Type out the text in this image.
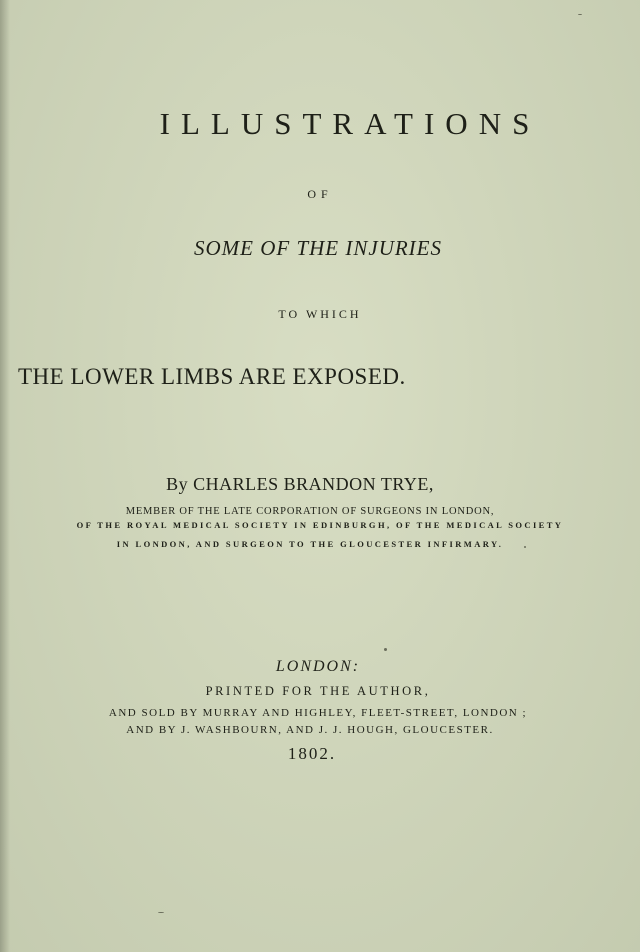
ILLUSTRATIONS
OF
SOME OF THE INJURIES
TO WHICH
THE LOWER LIMBS ARE EXPOSED.
By CHARLES BRANDON TRYE,
MEMBER OF THE LATE CORPORATION OF SURGEONS IN LONDON,
OF THE ROYAL MEDICAL SOCIETY IN EDINBURGH, OF THE MEDICAL SOCIETY
IN LONDON, AND SURGEON TO THE GLOUCESTER INFIRMARY.
LONDON:
PRINTED FOR THE AUTHOR,
AND SOLD BY MURRAY AND HIGHLEY, FLEET-STREET, LONDON ;
AND BY J. WASHBOURN, AND J. J. HOUGH, GLOUCESTER.
1802.
